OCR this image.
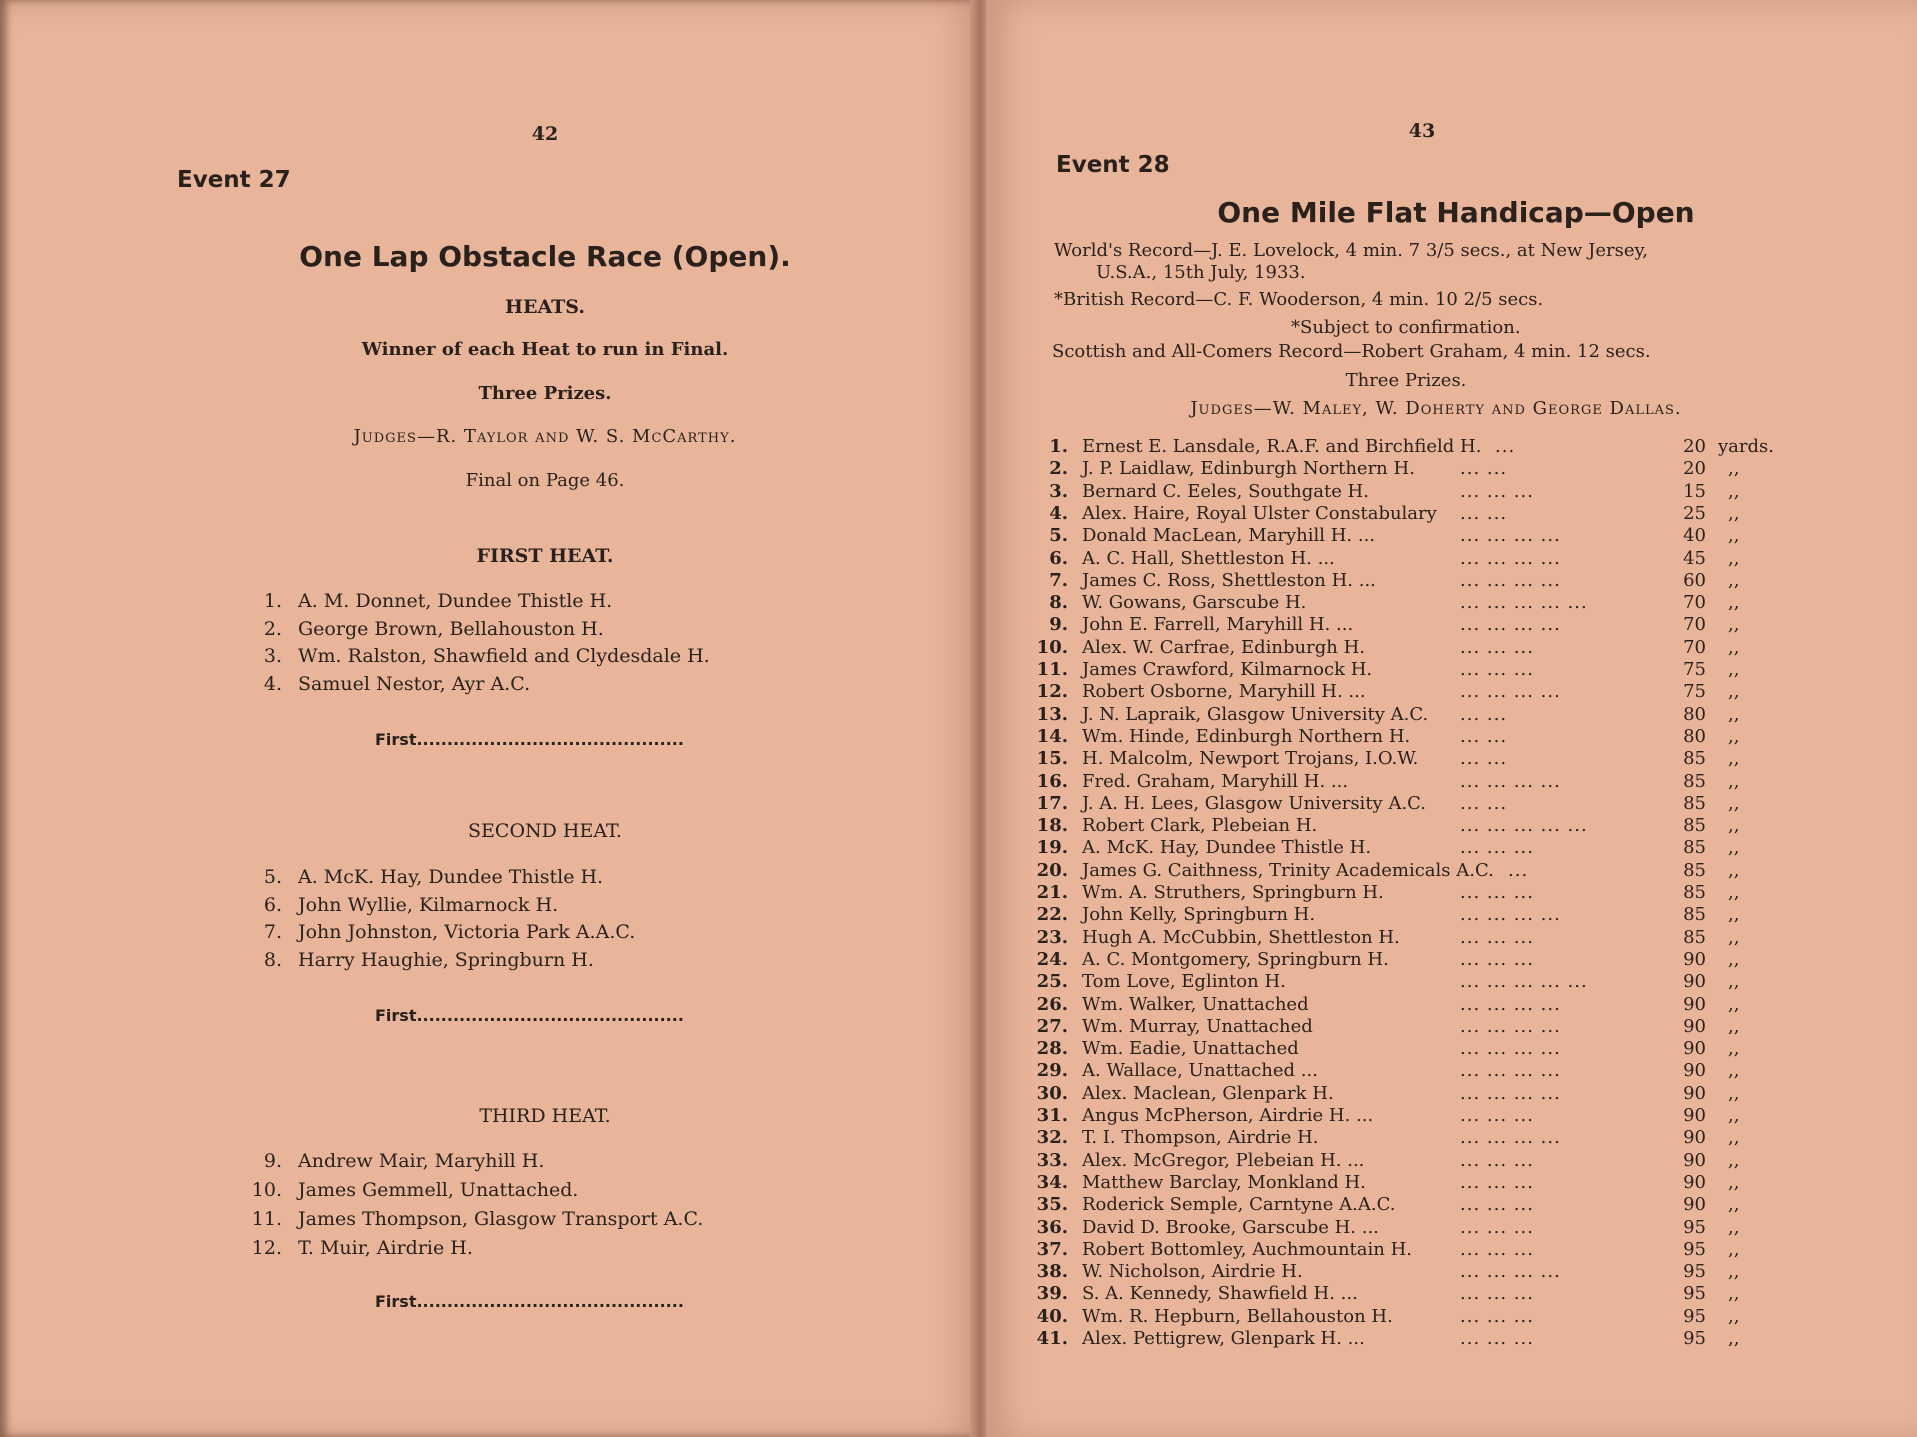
42
Event 27
One Lap Obstacle Race (Open).
HEATS.
Winner of each Heat to run in Final.
Three Prizes.
Judges—R. Taylor and W. S. McCarthy.
Final on Page 46.
FIRST HEAT.
1. A. M. Donnet, Dundee Thistle H.
2. George Brown, Bellahouston H.
3. Wm. Ralston, Shawfield and Clydesdale H.
4. Samuel Nestor, Ayr A.C.
First............................................
SECOND HEAT.
5. A. McK. Hay, Dundee Thistle H.
6. John Wyllie, Kilmarnock H.
7. John Johnston, Victoria Park A.A.C.
8. Harry Haughie, Springburn H.
First............................................
THIRD HEAT.
9. Andrew Mair, Maryhill H.
10. James Gemmell, Unattached.
11. James Thompson, Glasgow Transport A.C.
12. T. Muir, Airdrie H.
First............................................
43
Event 28
One Mile Flat Handicap—Open
World's Record—J. E. Lovelock, 4 min. 7 3/5 secs., at New Jersey,
U.S.A., 15th July, 1933.
*British Record—C. F. Wooderson, 4 min. 10 2/5 secs.
*Subject to confirmation.
Scottish and All-Comers Record—Robert Graham, 4 min. 12 secs.
Three Prizes.
Judges—W. Maley, W. Doherty and George Dallas.
1. Ernest E. Lansdale, R.A.F. and Birchfield H. ...	20 yards.
2. J. P. Laidlaw, Edinburgh Northern H.	... ...	20 ,,
3. Bernard C. Eeles, Southgate H.	... ... ...	15 ,,
4. Alex. Haire, Royal Ulster Constabulary ... ...	25 ,,
5. Donald MacLean, Maryhill H. ...	... ... ... ...	40 ,,
6. A. C. Hall, Shettleston H. ...	... ... ... ...	45 ,,
7. James C. Ross, Shettleston H. ...	... ... ... ...	60 ,,
8. W. Gowans, Garscube H.	... ... ... ... ...	70 ,,
9. John E. Farrell, Maryhill H. ...	... ... ... ...	70 ,,
10. Alex. W. Carfrae, Edinburgh H.	... ... ...	70 ,,
11. James Crawford, Kilmarnock H.	... ... ...	75 ,,
12. Robert Osborne, Maryhill H. ...	... ... ... ...	75 ,,
13. J. N. Lapraik, Glasgow University A.C. ... ...	80 ,,
14. Wm. Hinde, Edinburgh Northern H.	... ...	80 ,,
15. H. Malcolm, Newport Trojans, I.O.W. ... ...	85 ,,
16. Fred. Graham, Maryhill H. ...	... ... ... ...	85 ,,
17. J. A. H. Lees, Glasgow University A.C. ... ...	85 ,,
18. Robert Clark, Plebeian H.	... ... ... ... ...	85 ,,
19. A. McK. Hay, Dundee Thistle H.	... ... ...	85 ,,
20. James G. Caithness, Trinity Academicals A.C. ...	85 ,,
21. Wm. A. Struthers, Springburn H.	... ... ...	85 ,,
22. John Kelly, Springburn H.	... ... ... ...	85 ,,
23. Hugh A. McCubbin, Shettleston H.	... ... ...	85 ,,
24. A. C. Montgomery, Springburn H.	... ... ...	90 ,,
25. Tom Love, Eglinton H.	... ... ... ... ...	90 ,,
26. Wm. Walker, Unattached	... ... ... ...	90 ,,
27. Wm. Murray, Unattached	... ... ... ...	90 ,,
28. Wm. Eadie, Unattached	... ... ... ...	90 ,,
29. A. Wallace, Unattached ...	... ... ... ...	90 ,,
30. Alex. Maclean, Glenpark H.	... ... ... ...	90 ,,
31. Angus McPherson, Airdrie H. ...	... ... ...	90 ,,
32. T. I. Thompson, Airdrie H.	... ... ... ...	90 ,,
33. Alex. McGregor, Plebeian H. ...	... ... ...	90 ,,
34. Matthew Barclay, Monkland H.	... ... ...	90 ,,
35. Roderick Semple, Carntyne A.A.C.	... ... ...	90 ,,
36. David D. Brooke, Garscube H. ...	... ... ...	95 ,,
37. Robert Bottomley, Auchmountain H.	... ... ...	95 ,,
38. W. Nicholson, Airdrie H.	... ... ... ...	95 ,,
39. S. A. Kennedy, Shawfield H. ...	... ... ...	95 ,,
40. Wm. R. Hepburn, Bellahouston H.	... ... ...	95 ,,
41. Alex. Pettigrew, Glenpark H. ...	... ... ...	95 ,,
